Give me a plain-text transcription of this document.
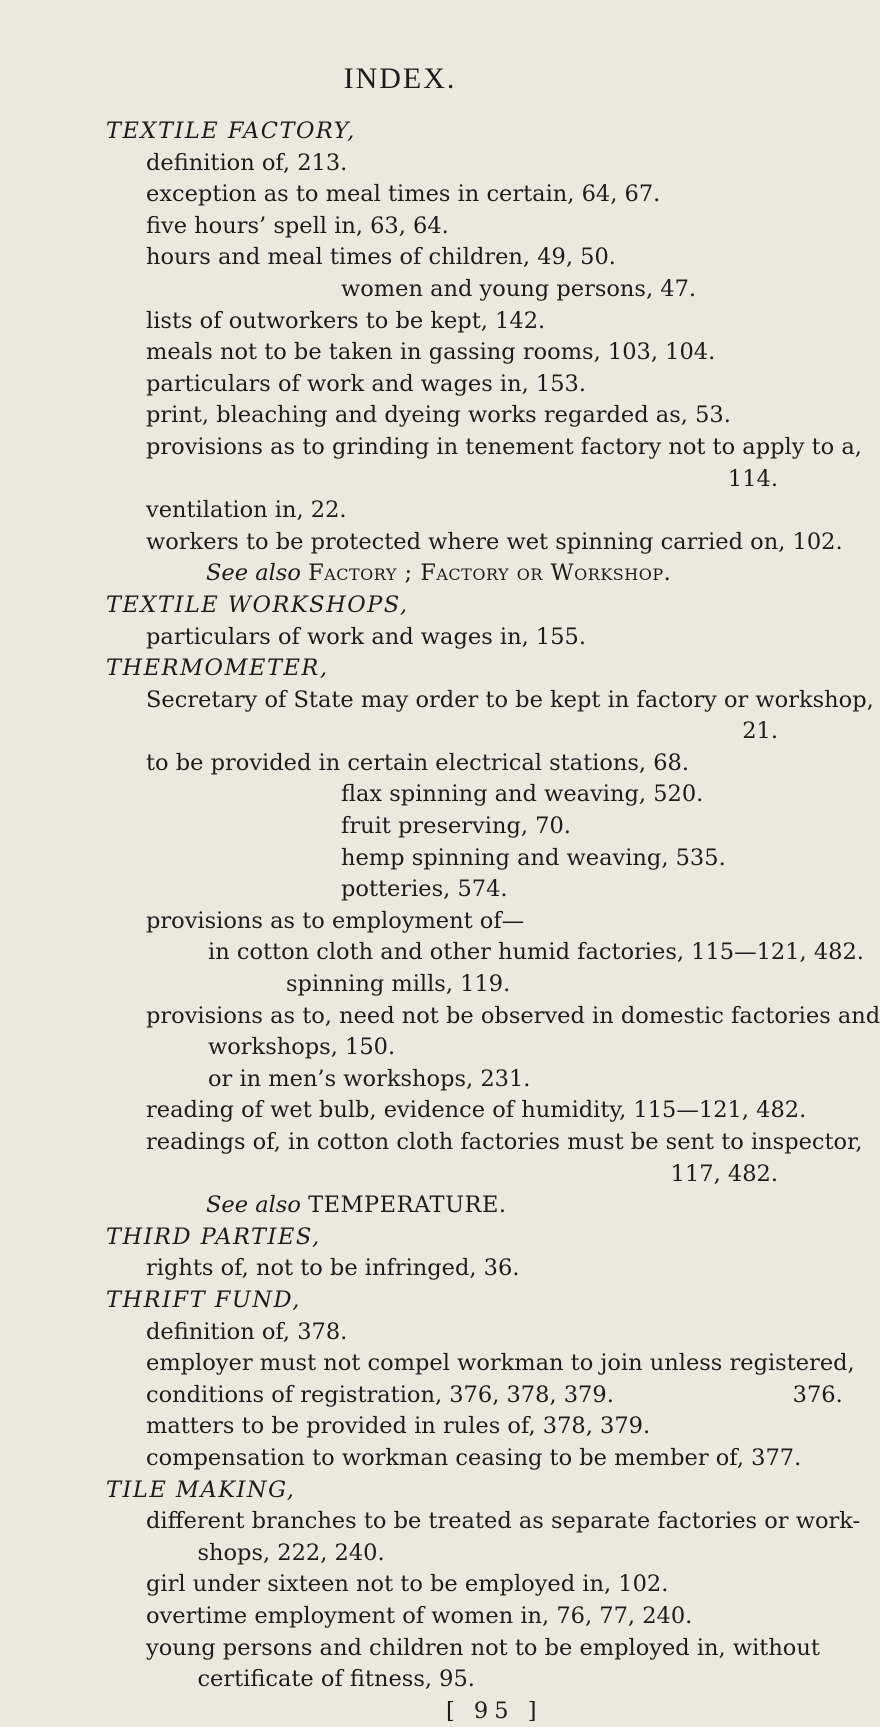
INDEX.
TEXTILE FACTORY,
definition of, 213.
exception as to meal times in certain, 64, 67.
five hours’ spell in, 63, 64.
hours and meal times of children, 49, 50.
women and young persons, 47.
lists of outworkers to be kept, 142.
meals not to be taken in gassing rooms, 103, 104.
particulars of work and wages in, 153.
print, bleaching and dyeing works regarded as, 53.
provisions as to grinding in tenement factory not to apply to a,
114.
ventilation in, 22.
workers to be protected where wet spinning carried on, 102.
See also Factory ; Factory or Workshop.
TEXTILE WORKSHOPS,
particulars of work and wages in, 155.
THERMOMETER,
Secretary of State may order to be kept in factory or workshop,
21.
to be provided in certain electrical stations, 68.
flax spinning and weaving, 520.
fruit preserving, 70.
hemp spinning and weaving, 535.
potteries, 574.
provisions as to employment of—
in cotton cloth and other humid factories, 115—121, 482.
spinning mills, 119.
provisions as to, need not be observed in domestic factories and
workshops, 150.
or in men’s workshops, 231.
reading of wet bulb, evidence of humidity, 115—121, 482.
readings of, in cotton cloth factories must be sent to inspector,
117, 482.
See also TEMPERATURE.
THIRD PARTIES,
rights of, not to be infringed, 36.
THRIFT FUND,
definition of, 378.
employer must not compel workman to join unless registered,
conditions of registration, 376, 378, 379.                         376.
matters to be provided in rules of, 378, 379.
compensation to workman ceasing to be member of, 377.
TILE MAKING,
different branches to be treated as separate factories or work-
shops, 222, 240.
girl under sixteen not to be employed in, 102.
overtime employment of women in, 76, 77, 240.
young persons and children not to be employed in, without
certificate of fitness, 95.
[ 95 ]
